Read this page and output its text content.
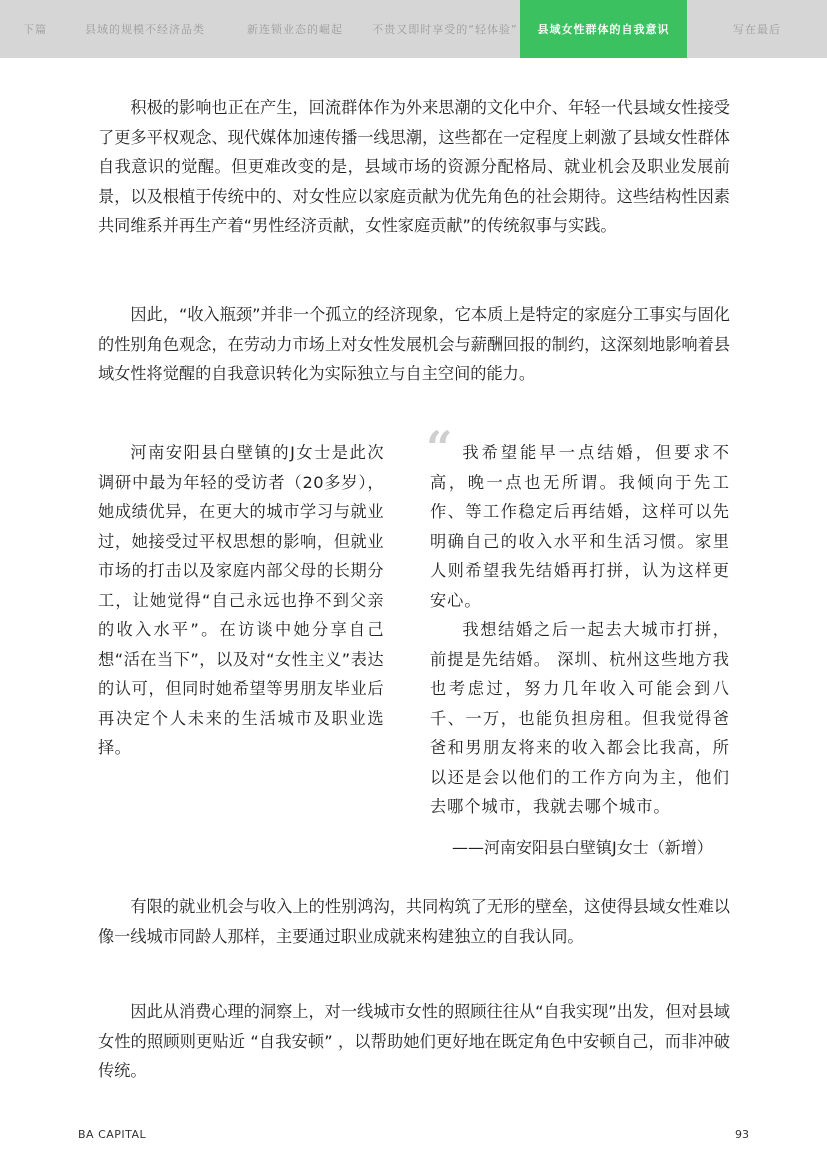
下篇	县域的规模不经济品类	新连锁业态的崛起	不贵又即时享受的“轻体验”	县域女性群体的自我意识	写在最后

积极的影响也正在产生，回流群体作为外来思潮的文化中介、年轻一代县域女性接受了更多平权观念、现代媒体加速传播一线思潮，这些都在一定程度上刺激了县域女性群体自我意识的觉醒。但更难改变的是，县域市场的资源分配格局、就业机会及职业发展前景，以及根植于传统中的、对女性应以家庭贡献为优先角色的社会期待。这些结构性因素共同维系并再生产着“男性经济贡献，女性家庭贡献”的传统叙事与实践。

因此，“收入瓶颈”并非一个孤立的经济现象，它本质上是特定的家庭分工事实与固化的性别角色观念，在劳动力市场上对女性发展机会与薪酬回报的制约，这深刻地影响着县域女性将觉醒的自我意识转化为实际独立与自主空间的能力。

河南安阳县白壁镇的J女士是此次调研中最为年轻的受访者（20多岁），她成绩优异，在更大的城市学习与就业过，她接受过平权思想的影响，但就业市场的打击以及家庭内部父母的长期分工，让她觉得“自己永远也挣不到父亲的收入水平”。在访谈中她分享自己想“活在当下”，以及对“女性主义”表达的认可，但同时她希望等男朋友毕业后再决定个人未来的生活城市及职业选择。

“ 我希望能早一点结婚，但要求不高，晚一点也无所谓。我倾向于先工作、等工作稳定后再结婚，这样可以先明确自己的收入水平和生活习惯。家里人则希望我先结婚再打拼，认为这样更安心。

我想结婚之后一起去大城市打拼，前提是先结婚。 深圳、杭州这些地方我也考虑过，努力几年收入可能会到八千、一万，也能负担房租。但我觉得爸爸和男朋友将来的收入都会比我高，所以还是会以他们的工作方向为主，他们去哪个城市，我就去哪个城市。

——河南安阳县白壁镇J女士（新增）

有限的就业机会与收入上的性别鸿沟，共同构筑了无形的壁垒，这使得县域女性难以像一线城市同龄人那样，主要通过职业成就来构建独立的自我认同。

因此从消费心理的洞察上，对一线城市女性的照顾往往从“自我实现”出发，但对县域女性的照顾则更贴近 “自我安顿” ，以帮助她们更好地在既定角色中安顿自己，而非冲破传统。

BA CAPITAL	93
